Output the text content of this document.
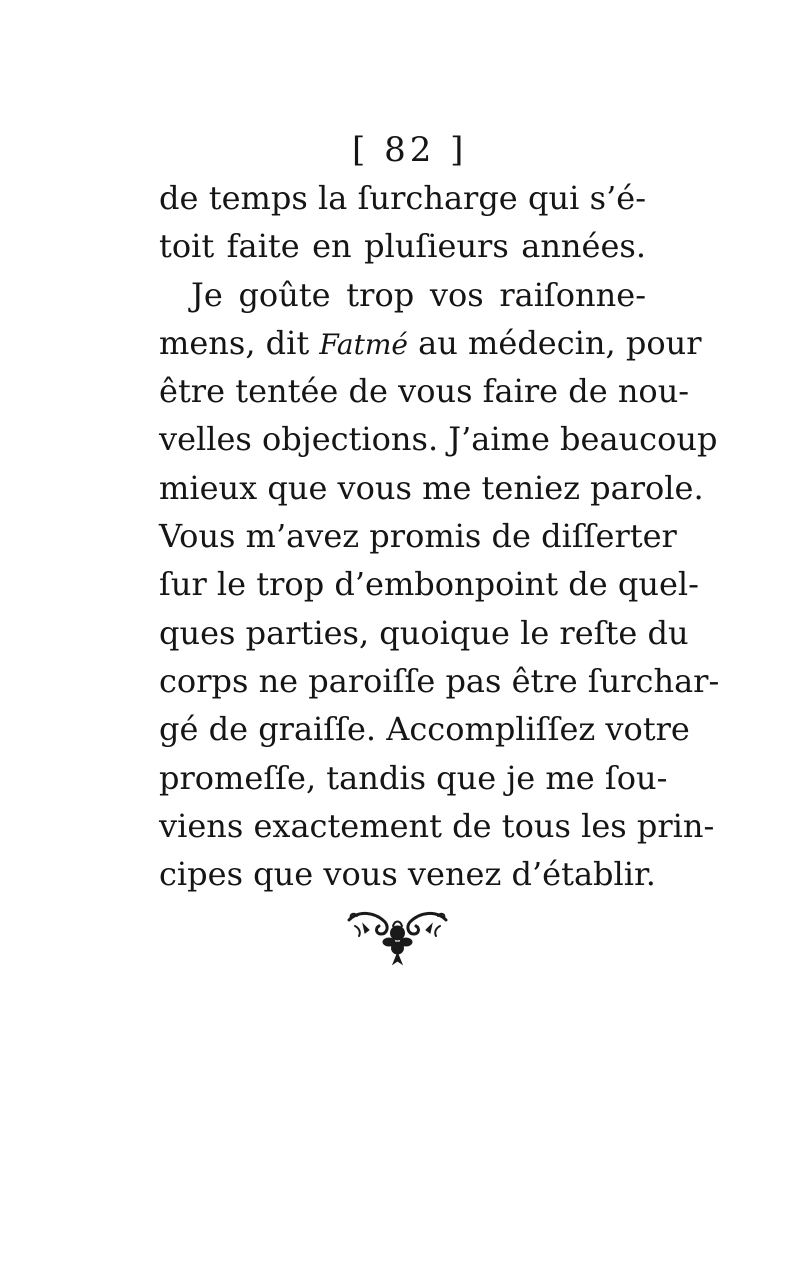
[ 82 ]
de temps la ſurcharge qui s’é-
toit faite en pluſieurs années.
Je goûte trop vos raiſonne-
mens, dit Fatmé au médecin, pour
être tentée de vous faire de nou-
velles objections. J’aime beaucoup
mieux que vous me teniez parole.
Vous m’avez promis de diſſerter
ſur le trop d’embonpoint de quel-
ques parties, quoique le reſte du
corps ne paroiſſe pas être ſurchar-
gé de graiſſe. Accompliſſez votre
promeſſe, tandis que je me ſou-
viens exactement de tous les prin-
cipes que vous venez d’établir.
